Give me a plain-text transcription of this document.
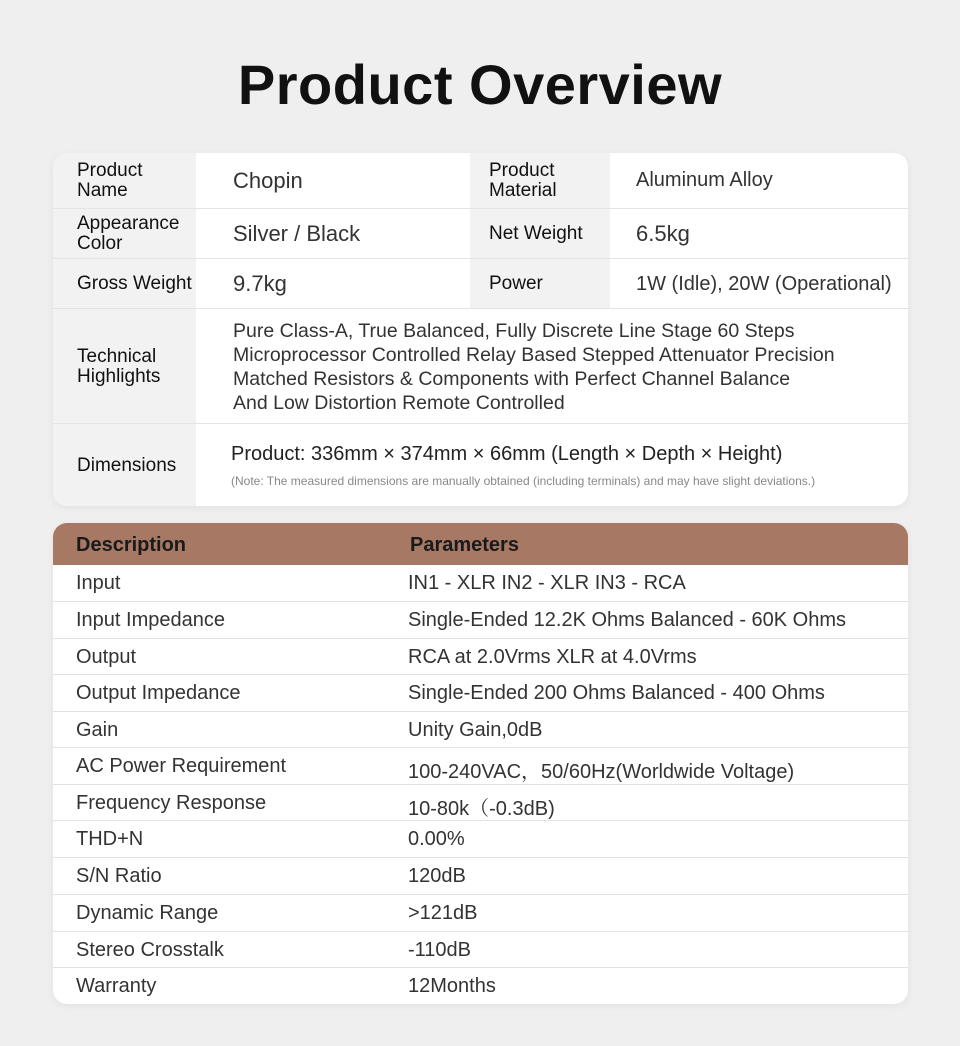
Product Overview
Product Name	Chopin	Product Material	Aluminum Alloy
Appearance Color	Silver / Black	Net Weight	6.5kg
Gross Weight	9.7kg	Power	1W (Idle), 20W (Operational)
Technical Highlights
Pure Class-A, True Balanced, Fully Discrete Line Stage 60 Steps
Microprocessor Controlled Relay Based Stepped Attenuator Precision
Matched Resistors & Components with Perfect Channel Balance
And Low Distortion Remote Controlled
Dimensions	Product: 336mm × 374mm × 66mm (Length × Depth × Height)
(Note: The measured dimensions are manually obtained (including terminals) and may have slight deviations.)
Description	Parameters
Input	IN1 - XLR IN2 - XLR IN3 - RCA
Input Impedance	Single-Ended 12.2K Ohms Balanced - 60K Ohms
Output	RCA at 2.0Vrms XLR at 4.0Vrms
Output Impedance	Single-Ended 200 Ohms Balanced - 400 Ohms
Gain	Unity Gain,0dB
AC Power Requirement	100-240VAC，50/60Hz(Worldwide Voltage)
Frequency Response	10-80k（-0.3dB)
THD+N	0.00%
S/N Ratio	120dB
Dynamic Range	>121dB
Stereo Crosstalk	-110dB
Warranty	12Months
